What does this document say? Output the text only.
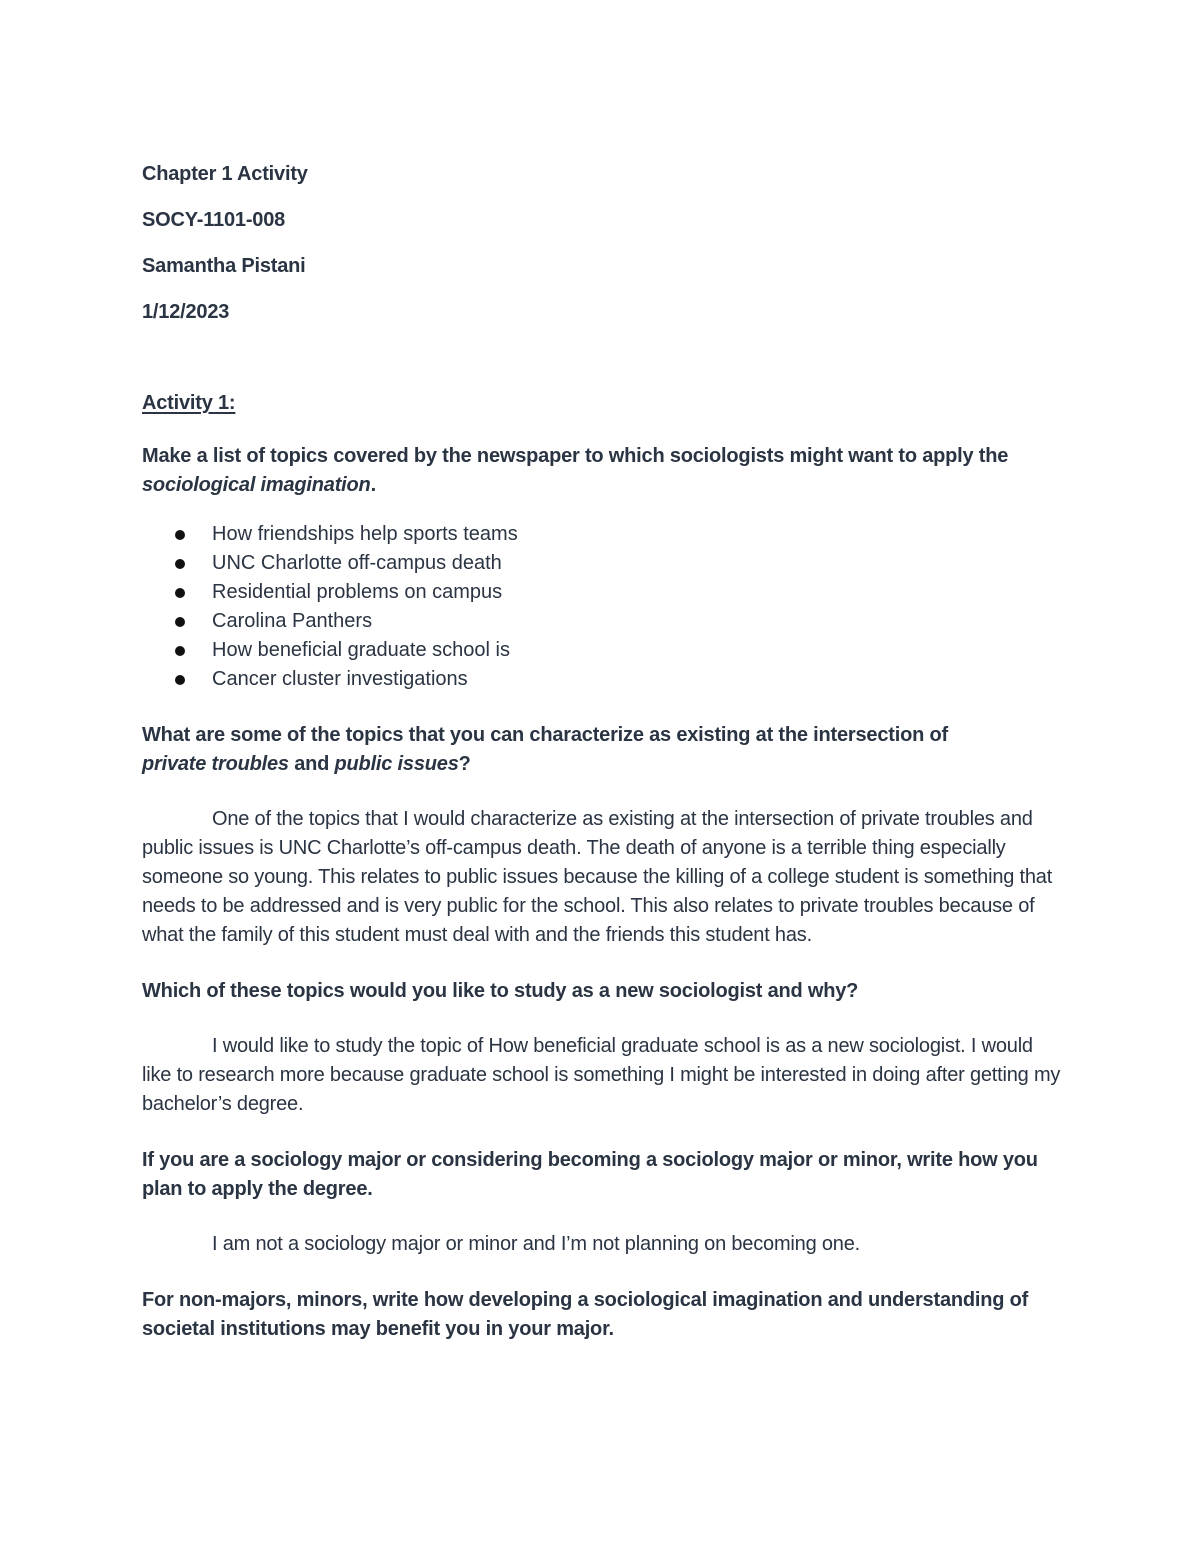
Chapter 1 Activity

SOCY-1101-008

Samantha Pistani

1/12/2023

Activity 1:

Make a list of topics covered by the newspaper to which sociologists might want to apply the sociological imagination.

How friendships help sports teams
UNC Charlotte off-campus death
Residential problems on campus
Carolina Panthers
How beneficial graduate school is
Cancer cluster investigations

What are some of the topics that you can characterize as existing at the intersection of private troubles and public issues?

One of the topics that I would characterize as existing at the intersection of private troubles and public issues is UNC Charlotte’s off-campus death. The death of anyone is a terrible thing especially someone so young. This relates to public issues because the killing of a college student is something that needs to be addressed and is very public for the school. This also relates to private troubles because of what the family of this student must deal with and the friends this student has.

Which of these topics would you like to study as a new sociologist and why?

I would like to study the topic of How beneficial graduate school is as a new sociologist. I would like to research more because graduate school is something I might be interested in doing after getting my bachelor’s degree.

If you are a sociology major or considering becoming a sociology major or minor, write how you plan to apply the degree.

I am not a sociology major or minor and I’m not planning on becoming one.

For non-majors, minors, write how developing a sociological imagination and understanding of societal institutions may benefit you in your major.
